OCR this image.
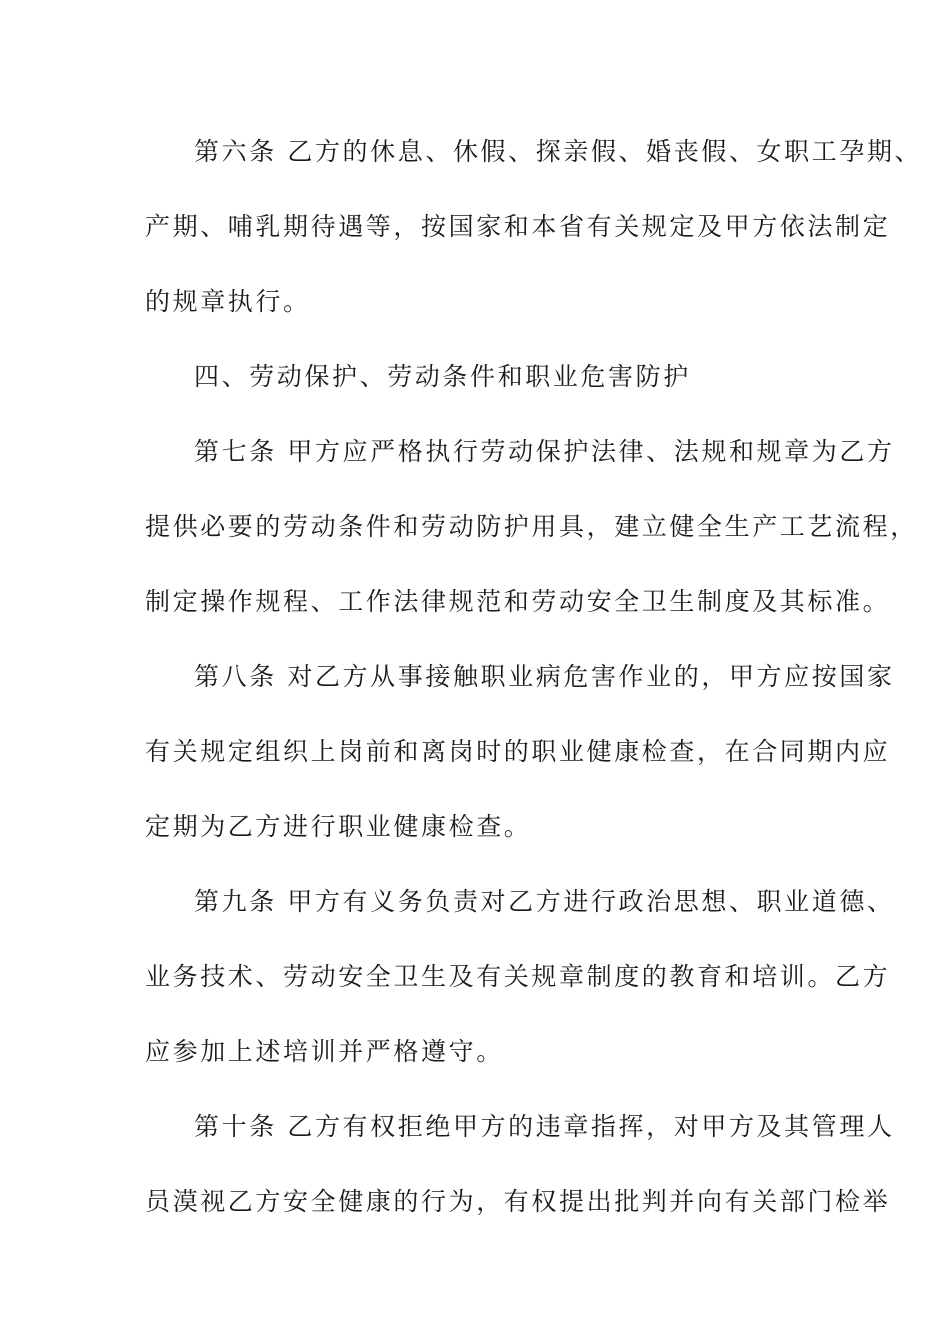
第六条 乙方的休息、休假、探亲假、婚丧假、女职工孕期、
产期、哺乳期待遇等，按国家和本省有关规定及甲方依法制定
的规章执行。
四、劳动保护、劳动条件和职业危害防护
第七条 甲方应严格执行劳动保护法律、法规和规章为乙方
提供必要的劳动条件和劳动防护用具，建立健全生产工艺流程，
制定操作规程、工作法律规范和劳动安全卫生制度及其标准。
第八条 对乙方从事接触职业病危害作业的，甲方应按国家
有关规定组织上岗前和离岗时的职业健康检查，在合同期内应
定期为乙方进行职业健康检查。
第九条 甲方有义务负责对乙方进行政治思想、职业道德、
业务技术、劳动安全卫生及有关规章制度的教育和培训。乙方
应参加上述培训并严格遵守。
第十条 乙方有权拒绝甲方的违章指挥，对甲方及其管理人
员漠视乙方安全健康的行为，有权提出批判并向有关部门检举
